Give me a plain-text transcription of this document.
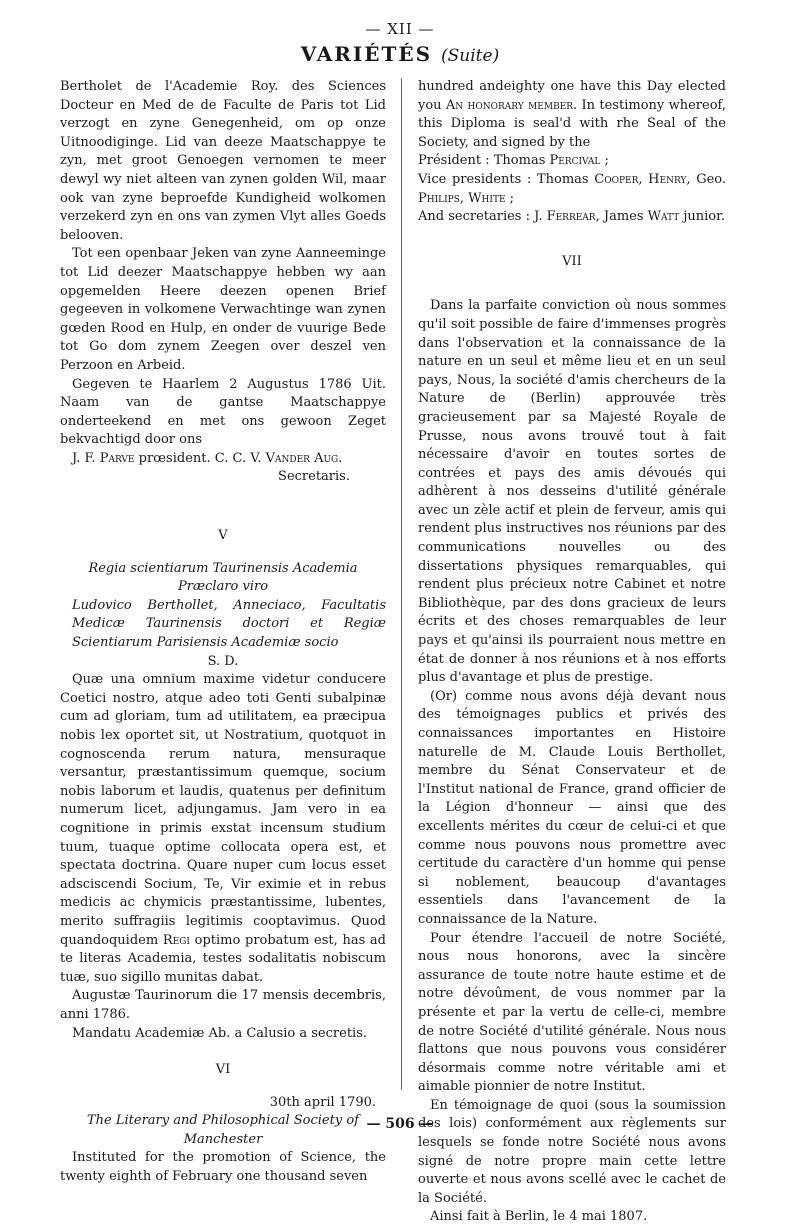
— XII —
VARIÉTÉS (Suite)

Bertholet de l'Academie Roy. des Sciences Docteur en Med de de Faculte de Paris tot Lid verzogt en zyne Genegenheid, om op onze Uitnoodiginge. Lid van deeze Maatschappye te zyn, met groot Genoegen vernomen te meer dewyl wy niet alteen van zynen golden Wil, maar ook van zyne beproefde Kundigheid wolkomen verzekerd zyn en ons van zymen Vlyt alles Goeds belooven.

Tot een openbaar Jeken van zyne Aanneeminge tot Lid deezer Maatschappye hebben wy aan opgemelden Heere deezen openen Brief gegeeven in volkomene Verwachtinge wan zynen gœden Rood en Hulp, en onder de vuurige Bede tot Go dom zynem Zeegen over deszel ven Perzoon en Arbeid.

Gegeven te Haarlem 2 Augustus 1786 Uit. Naam van de gantse Maatschappye onderteekend en met ons gewoon Zeget bekvachtigd door ons

J. F. Parve prœsident. C. C. V. Vander Aug.

Secretaris.

V

Regia scientiarum Taurinensis Academia

Præclaro viro

Ludovico Berthollet, Anneciaco, Facultatis Medicæ Taurinensis doctori et Regiæ Scientiarum Parisiensis Academiæ socio

S. D.

Quæ una omnium maxime videtur conducere Coetici nostro, atque adeo toti Genti subalpinæ cum ad gloriam, tum ad utilitatem, ea præcipua nobis lex oportet sit, ut Nostratium, quotquot in cognoscenda rerum natura, mensuraque versantur, præstantissimum quemque, socium nobis laborum et laudis, quatenus per definitum numerum licet, adjungamus. Jam vero in ea cognitione in primis exstat incensum studium tuum, tuaque optime collocata opera est, et spectata doctrina. Quare nuper cum locus esset adsciscendi Socium, Te, Vir eximie et in rebus medicis ac chymicis præstantissime, lubentes, merito suffragiis legitimis cooptavimus. Quod quandoquidem Regi optimo probatum est, has ad te literas Academia, testes sodalitatis nobiscum tuæ, suo sigillo munitas dabat.

Augustæ Taurinorum die 17 mensis decembris, anni 1786.

Mandatu Academiæ Ab. a Calusio a secretis.

VI

30th april 1790.

The Literary and Philosophical Society of Manchester

Instituted for the promotion of Science, the twenty eighth of February one thousand seven

hundred andeighty one have this Day elected you An honorary member. In testimony whereof, this Diploma is seal'd with rhe Seal of the Society, and signed by the

Président : Thomas Percival ;

Vice presidents : Thomas Cooper, Henry, Geo. Philips, White ;

And secretaries : J. Ferrear, James Watt junior.

VII

Dans la parfaite conviction où nous sommes qu'il soit possible de faire d'immenses progrès dans l'observation et la connaissance de la nature en un seul et même lieu et en un seul pays, Nous, la société d'amis chercheurs de la Nature de (Berlin) approuvée très gracieusement par sa Majesté Royale de Prusse, nous avons trouvé tout à fait nécessaire d'avoir en toutes sortes de contrées et pays des amis dévoués qui adhèrent à nos desseins d'utilité générale avec un zèle actif et plein de ferveur, amis qui rendent plus instructives nos réunions par des communications nouvelles ou des dissertations physiques remarquables, qui rendent plus précieux notre Cabinet et notre Bibliothèque, par des dons gracieux de leurs écrits et des choses remarquables de leur pays et qu'ainsi ils pourraient nous mettre en état de donner à nos réunions et à nos efforts plus d'avantage et plus de prestige.

(Or) comme nous avons déjà devant nous des témoignages publics et privés des connaissances importantes en Histoire naturelle de M. Claude Louis Berthollet, membre du Sénat Conservateur et de l'Institut national de France, grand officier de la Légion d'honneur — ainsi que des excellents mérites du cœur de celui-ci et que comme nous pouvons nous promettre avec certitude du caractère d'un homme qui pense si noblement, beaucoup d'avantages essentiels dans l'avancement de la connaissance de la Nature.

Pour étendre l'accueil de notre Société, nous nous honorons, avec la sincère assurance de toute notre haute estime et de notre dévoûment, de vous nommer par la présente et par la vertu de celle-ci, membre de notre Société d'utilité générale. Nous nous flattons que nous pouvons vous considérer désormais comme notre véritable ami et aimable pionnier de notre Institut.

En témoignage de quoi (sous la soumission des lois) conformément aux règlements sur lesquels se fonde notre Société nous avons signé de notre propre main cette lettre ouverte et nous avons scellé avec le cachet de la Société.

Ainsi fait à Berlin, le 4 mai 1807.

— 506 —
